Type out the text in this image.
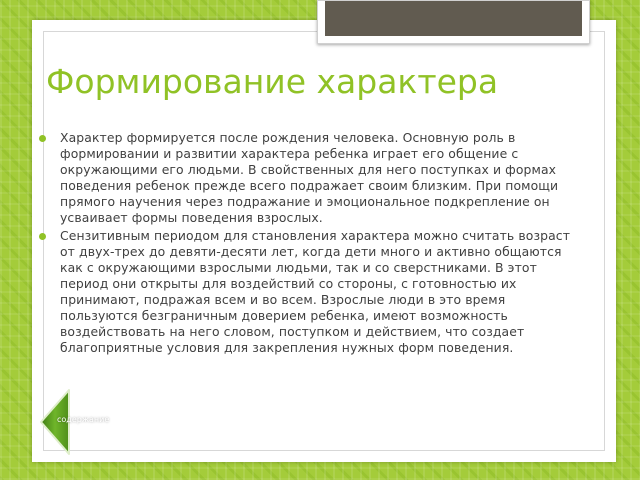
Формирование характера
Характер формируется после рождения человека. Основную роль в формировании и развитии характера ребенка играет его общение с окружающими его людьми. В свойственных для него поступках и формах поведения ребенок прежде всего подражает своим близким. При помощи прямого научения через подражание и эмоциональное подкрепление он усваивает формы поведения взрослых.
Сензитивным периодом для становления характера можно считать возраст от двух-трех до девяти-десяти лет, когда дети много и активно общаются как с окружающими взрослыми людьми, так и со сверстниками. В этот период они открыты для воздействий со стороны, с готовностью их принимают, подражая всем и во всем. Взрослые люди в это время пользуются безграничным доверием ребенка, имеют возможность воздействовать на него словом, поступком и действием, что создает благоприятные условия для закрепления нужных форм поведения.
содержание
